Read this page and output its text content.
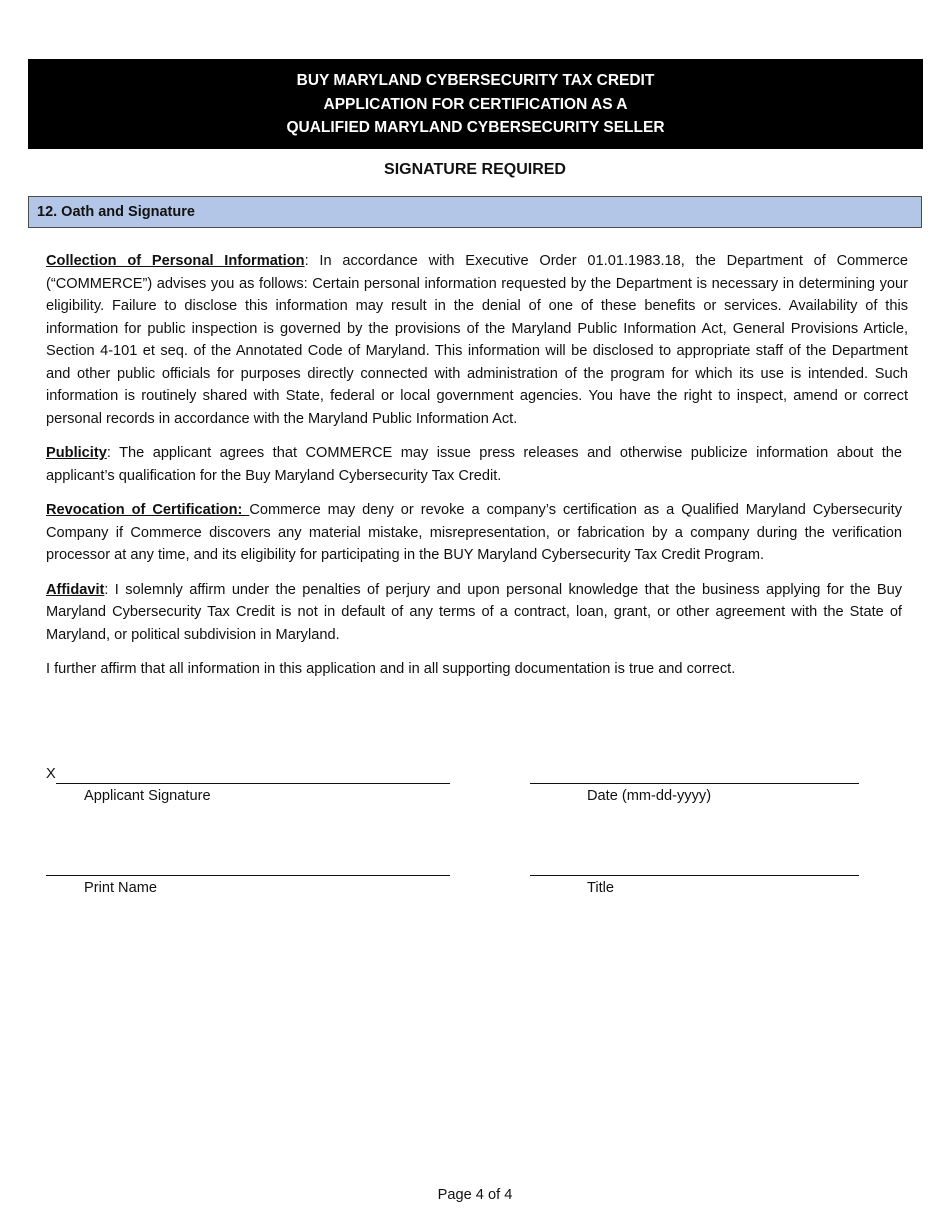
BUY MARYLAND CYBERSECURITY TAX CREDIT
APPLICATION FOR CERTIFICATION AS A
QUALIFIED MARYLAND CYBERSECURITY SELLER
SIGNATURE REQUIRED
12. Oath and Signature

Collection of Personal Information: In accordance with Executive Order 01.01.1983.18, the Department of Commerce (“COMMERCE”) advises you as follows: Certain personal information requested by the Department is necessary in determining your eligibility. Failure to disclose this information may result in the denial of one of these benefits or services. Availability of this information for public inspection is governed by the provisions of the Maryland Public Information Act, General Provisions Article, Section 4-101 et seq. of the Annotated Code of Maryland. This information will be disclosed to appropriate staff of the Department and other public officials for purposes directly connected with administration of the program for which its use is intended. Such information is routinely shared with State, federal or local government agencies. You have the right to inspect, amend or correct personal records in accordance with the Maryland Public Information Act.

Publicity: The applicant agrees that COMMERCE may issue press releases and otherwise publicize information about the applicant’s qualification for the Buy Maryland Cybersecurity Tax Credit.

Revocation of Certification: Commerce may deny or revoke a company’s certification as a Qualified Maryland Cybersecurity Company if Commerce discovers any material mistake, misrepresentation, or fabrication by a company during the verification processor at any time, and its eligibility for participating in the BUY Maryland Cybersecurity Tax Credit Program.

Affidavit: I solemnly affirm under the penalties of perjury and upon personal knowledge that the business applying for the Buy Maryland Cybersecurity Tax Credit is not in default of any terms of a contract, loan, grant, or other agreement with the State of Maryland, or political subdivision in Maryland.

I further affirm that all information in this application and in all supporting documentation is true and correct.

X
Applicant Signature	Date (mm-dd-yyyy)
Print Name	Title
Page 4 of 4
